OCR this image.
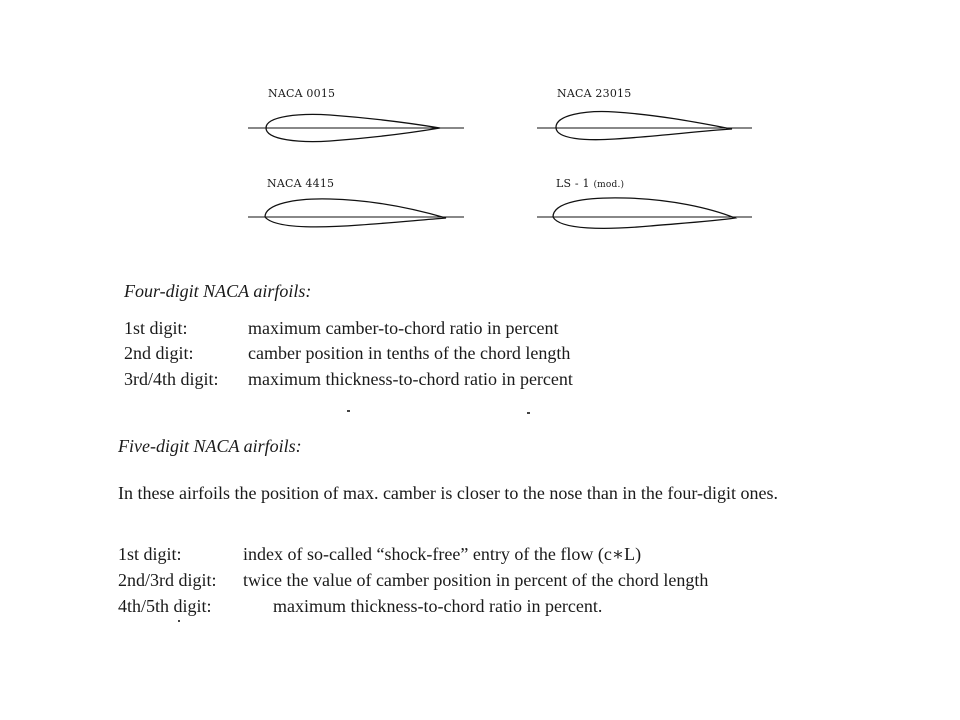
NACA 0015	NACA 23015
NACA 4415	LS - 1 (mod.)
Four-digit NACA airfoils:
1st digit:	maximum camber-to-chord ratio in percent
2nd digit:	camber position in tenths of the chord length
3rd/4th digit: maximum thickness-to-chord ratio in percent
Five-digit NACA airfoils:
In these airfoils the position of max. camber is closer to the nose than in the four-digit ones.
1st digit:	index of so-called “shock-free” entry of the flow (c∗L)
2nd/3rd digit: twice the value of camber position in percent of the chord length
4th/5th digit:	maximum thickness-to-chord ratio in percent.
